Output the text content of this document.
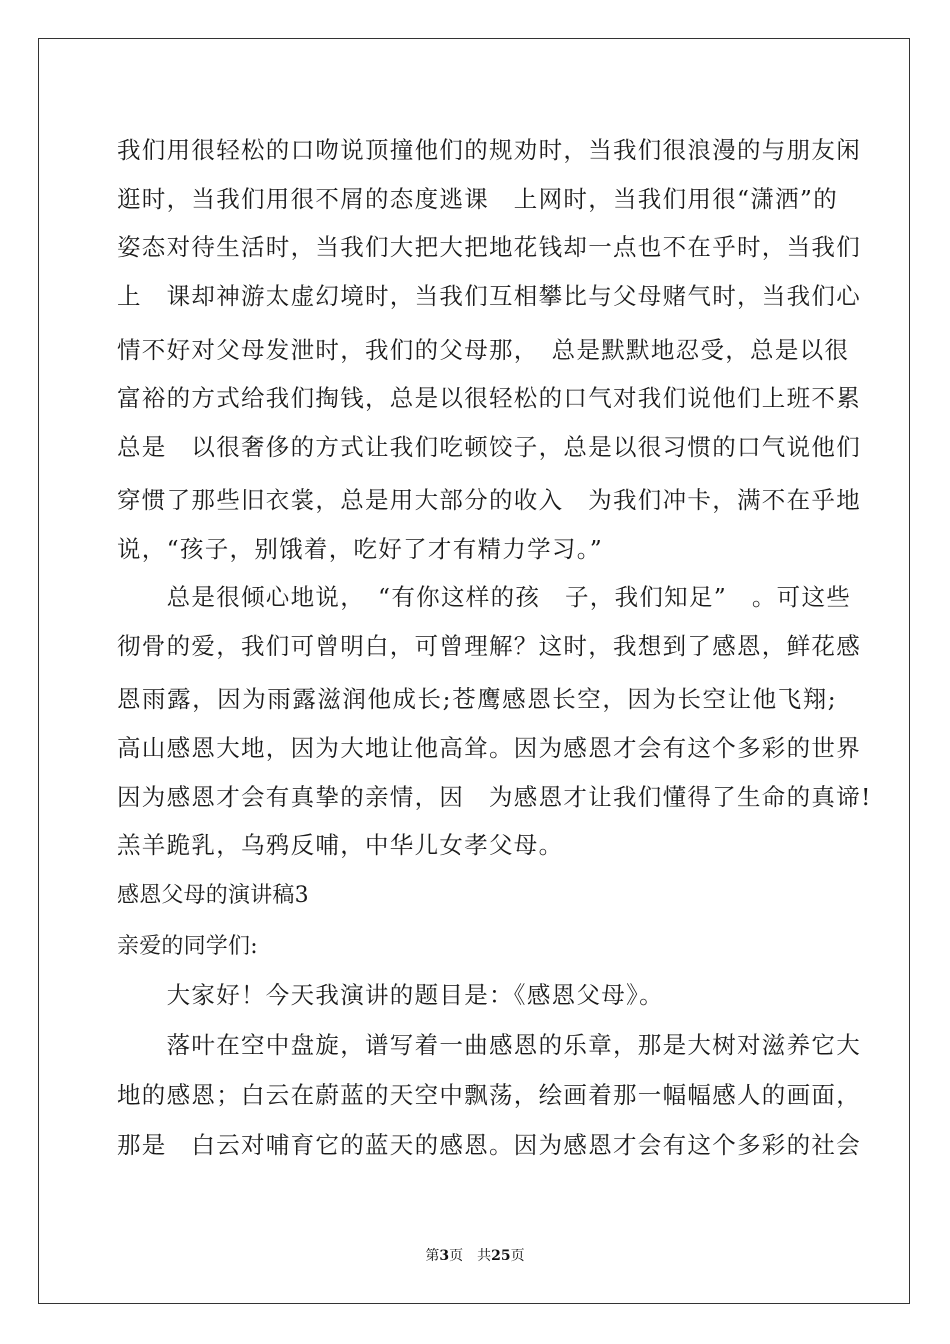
我们用很轻松的口吻说顶撞他们的规劝时，当我们很浪漫的与朋友闲
逛时，当我们用很不屑的态度逃课　上网时，当我们用很“潇洒”的
姿态对待生活时，当我们大把大把地花钱却一点也不在乎时，当我们
上　课却神游太虚幻境时，当我们互相攀比与父母赌气时，当我们心
情不好对父母发泄时，我们的父母那，　总是默默地忍受，总是以很
富裕的方式给我们掏钱，总是以很轻松的口气对我们说他们上班不累
总是　以很奢侈的方式让我们吃顿饺子，总是以很习惯的口气说他们
穿惯了那些旧衣裳，总是用大部分的收入　为我们冲卡，满不在乎地
说，“孩子，别饿着，吃好了才有精力学习。”
　　总是很倾心地说，　“有你这样的孩　子，我们知足”　。可这些
彻骨的爱，我们可曾明白，可曾理解？这时，我想到了感恩，鲜花感
恩雨露，因为雨露滋润他成长;苍鹰感恩长空，因为长空让他飞翔;
高山感恩大地，因为大地让他高耸。因为感恩才会有这个多彩的世界
因为感恩才会有真挚的亲情，因　为感恩才让我们懂得了生命的真谛!
羔羊跪乳，乌鸦反哺，中华儿女孝父母。
感恩父母的演讲稿3
亲爱的同学们:
　　大家好！今天我演讲的题目是：《感恩父母》。
　　落叶在空中盘旋，谱写着一曲感恩的乐章，那是大树对滋养它大
地的感恩；白云在蔚蓝的天空中飘荡，绘画着那一幅幅感人的画面，
那是　白云对哺育它的蓝天的感恩。因为感恩才会有这个多彩的社会
第3页 共25页
